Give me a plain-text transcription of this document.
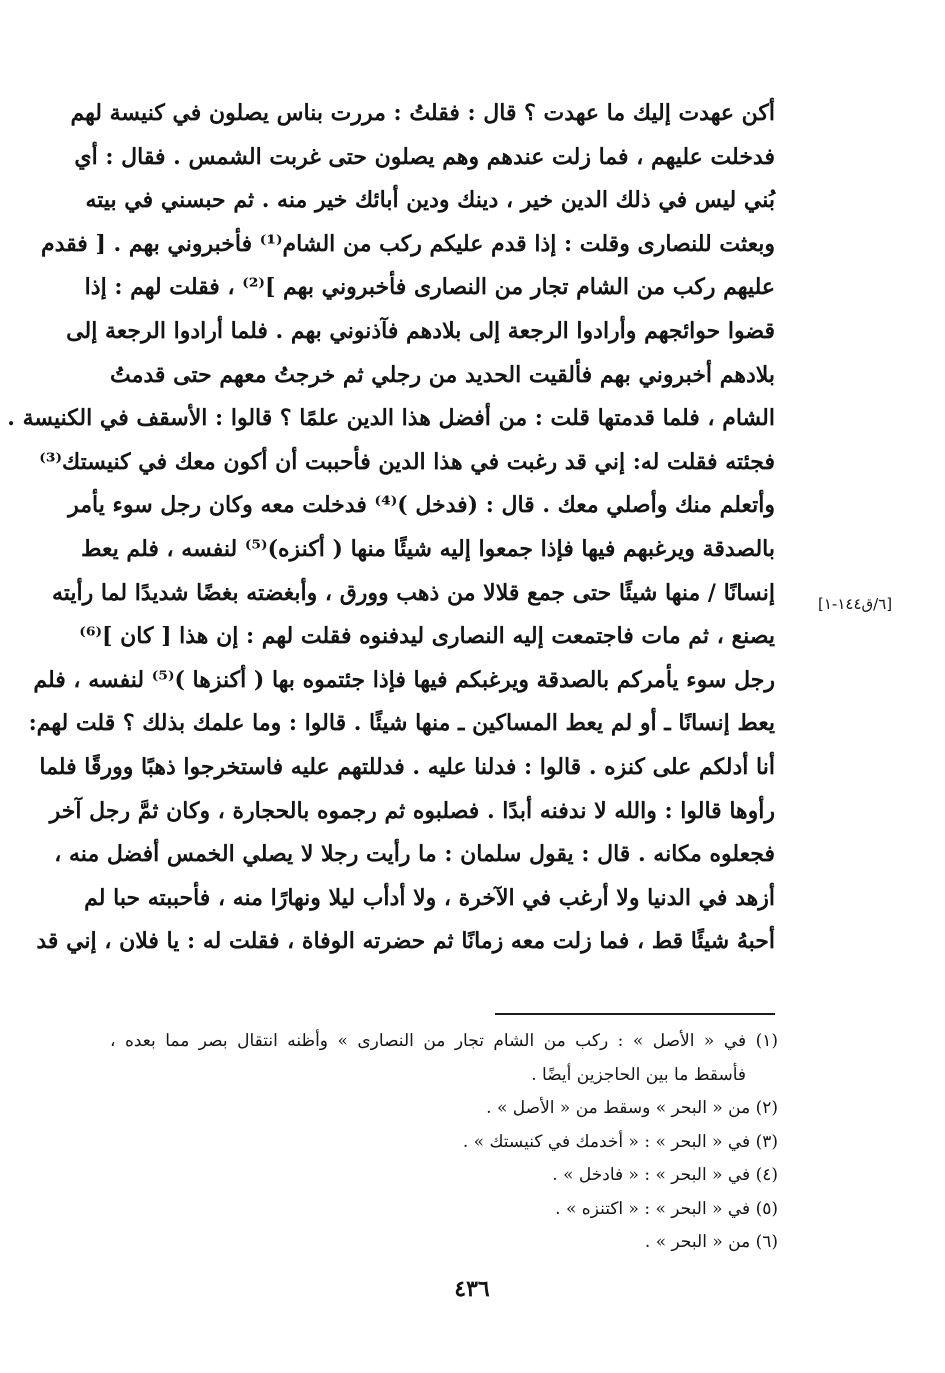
أكن عهدت إليك ما عهدت ؟ قال : فقلتُ : مررت بناس يصلون في كنيسة لهم
فدخلت عليهم ، فما زلت عندهم وهم يصلون حتى غربت الشمس . فقال : أي
بُني ليس في ذلك الدين خير ، دينك ودين أبائك خير منه . ثم حبسني في بيته
وبعثت للنصارى وقلت : إذا قدم عليكم ركب من الشام⁽¹⁾ فأخبروني بهم . [ فقدم
عليهم ركب من الشام تجار من النصارى فأخبروني بهم ]⁽²⁾ ، فقلت لهم : إذا
قضوا حوائجهم وأرادوا الرجعة إلى بلادهم فآذنوني بهم . فلما أرادوا الرجعة إلى
بلادهم أخبروني بهم فألقيت الحديد من رجلي ثم خرجتُ معهم حتى قدمتُ
الشام ، فلما قدمتها قلت : من أفضل هذا الدين علمًا ؟ قالوا : الأسقف في الكنيسة .
فجئته فقلت له: إني قد رغبت في هذا الدين فأحببت أن أكون معك في كنيستك⁽³⁾
وأتعلم منك وأصلي معك . قال : (فدخل )⁽⁴⁾ فدخلت معه وكان رجل سوء يأمر
بالصدقة ويرغبهم فيها فإذا جمعوا إليه شيئًا منها ( أكنزه)⁽⁵⁾ لنفسه ، فلم يعط
إنسانًا / منها شيئًا حتى جمع قلالا من ذهب وورق ، وأبغضته بغضًا شديدًا لما رأيته
يصنع ، ثم مات فاجتمعت إليه النصارى ليدفنوه فقلت لهم : إن هذا [ كان ]⁽⁶⁾
رجل سوء يأمركم بالصدقة ويرغبكم فيها فإذا جئتموه بها ( أكنزها )⁽⁵⁾ لنفسه ، فلم
يعط إنسانًا ـ أو لم يعط المساكين ـ منها شيئًا . قالوا : وما علمك بذلك ؟ قلت لهم:
أنا أدلكم على كنزه . قالوا : فدلنا عليه . فدللتهم عليه فاستخرجوا ذهبًا وورقًا فلما
رأوها قالوا : والله لا ندفنه أبدًا . فصلبوه ثم رجموه بالحجارة ، وكان ثمَّ رجل آخر
فجعلوه مكانه . قال : يقول سلمان : ما رأيت رجلا لا يصلي الخمس أفضل منه ،
أزهد في الدنيا ولا أرغب في الآخرة ، ولا أدأب ليلا ونهارًا منه ، فأحببته حبا لم
أحبهُ شيئًا قط ، فما زلت معه زمانًا ثم حضرته الوفاة ، فقلت له : يا فلان ، إني قد
[٦/ق١٤٤-١]
(١) في « الأصل » : ركب من الشام تجار من النصارى » وأظنه انتقال بصر مما بعده ،
فأسقط ما بين الحاجزين أيضًا .
(٢) من « البحر » وسقط من « الأصل » .
(٣) في « البحر » : « أخدمك في كنيستك » .
(٤) في « البحر » : « فادخل » .
(٥) في « البحر » : « اكتنزه » .
(٦) من « البحر » .
٤٣٦
